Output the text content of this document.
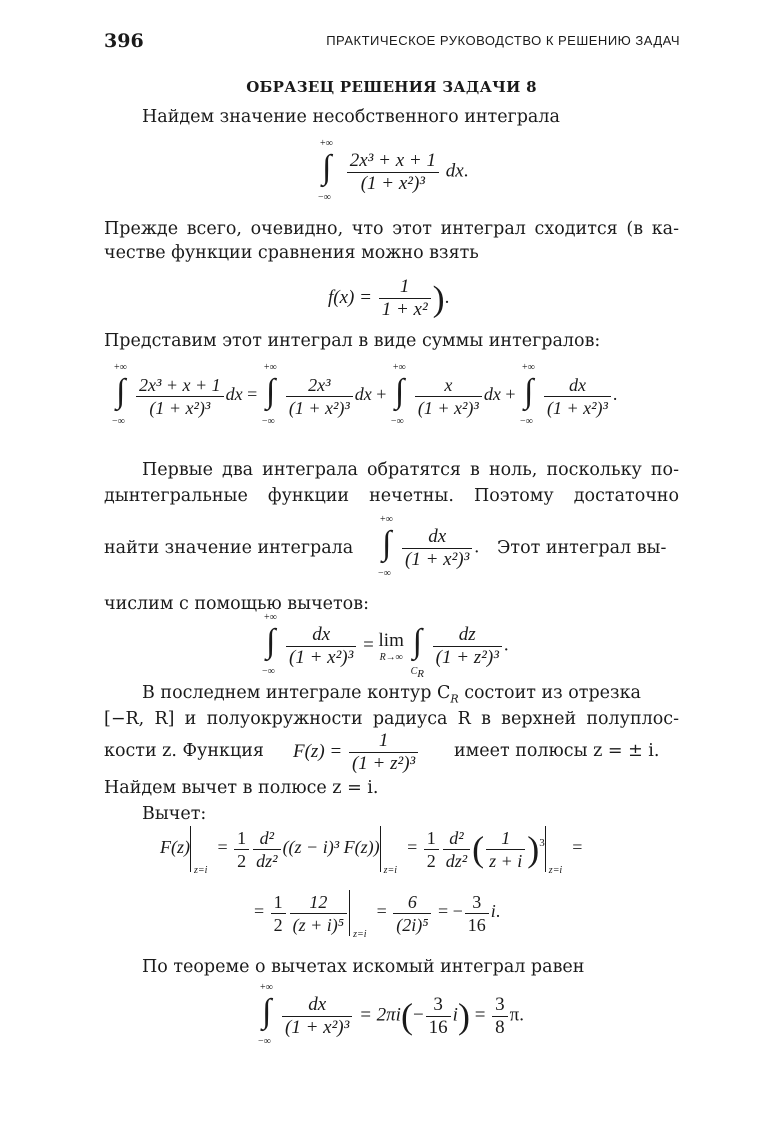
396	ПРАКТИЧЕСКОЕ РУКОВОДСТВО К РЕШЕНИЮ ЗАДАЧ
ОБРАЗЕЦ РЕШЕНИЯ ЗАДАЧИ 8
Найдем значение несобственного интеграла
+∞
∫
−∞

$\frac{\text{2x³ + x + 1}}{\text{(1 + x²)³}}$ dx.
Прежде всего, очевидно, что этот интеграл сходится (в ка-
честве функции сравнения можно взять
$f(x) = \frac{1}{\text{1 + x²}}$ ).
Представим этот интеграл в виде суммы интегралов:
+∞
∫
−∞
$\frac{\text{2x³ + x + 1}}{\text{(1 + x²)³}}$ dx =
+∞
∫
−∞
$\frac{\text{2x³}}{\text{(1 + x²)³}}$ dx +
+∞
∫
−∞
$\frac{x}{\text{(1 + x²)³}}$ dx +
+∞
∫
−∞
$\frac{dx}{\text{(1 + x²)³}}$ .
Первые два интеграла обратятся в ноль, поскольку по-
дынтегральные функции нечетны. Поэтому достаточно
найти значение интеграла
+∞
∫
−∞
$\frac{dx}{\text{(1 + x²)³}}$ . Этот интеграл вы-
числим с помощью вычетов:
+∞
∫
−∞
$\frac{dx}{\text{(1 + x²)³}} = \lim$
R→∞
∫
$C_R$
$\frac{dz}{\text{(1 + z²)³}}$ .
В последнем интеграле контур $C_R$ состоит из отрезка
[−R, R] и полуокружности радиуса R в верхней полуплос-
кости z. Функция $F(z) = \frac{1}{\text{(1 + z²)³}}$ имеет полюсы z = ± i.
Найдем вычет в полюсе z = i.
Вычет:
F(z)
z=i
= $\frac{1}{2} \frac{\text{d²}}{\text{dz²}} ((z - i)^3$ F(z))
z=i
= $\frac{1}{2} \frac{\text{d²}}{\text{dz²}}$ ( $\frac{1}{z + i} )^3$
z=i
=
= $\frac{1}{2} \frac{12}{\text{(z + i)⁵}} z=i$
= $\frac{6}{\text{(2i)⁵}}$ = − $\frac{3}{16} i$.
По теореме о вычетах искомый интеграл равен
+∞
∫
−∞
$\frac{dx}{\text{(1 + x²)³}} = 2\pi i(- \frac{3}{16} i) = \frac{3}{8} \pi$.
